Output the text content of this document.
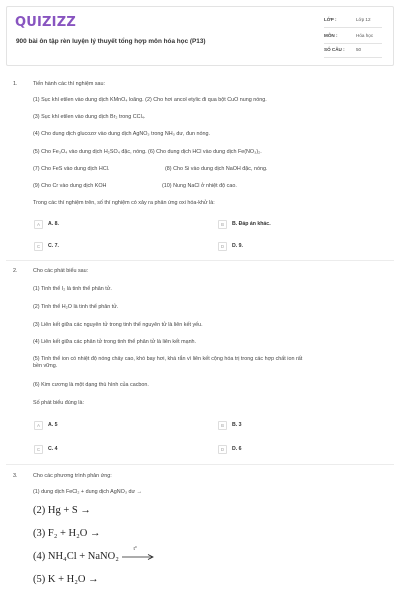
QUIZIZZ
900 bài ôn tập rèn luyện lý thuyết tổng hợp môn hóa học (P13)
LỚP :	Lớp 12
MÔN :	Hóa học
SỐ CÂU :	50
1.	Tiến hành các thí nghiệm sau:
(1) Sục khí etilen vào dung dịch KMnO₄ loãng. (2) Cho hơi ancol etylic đi qua bột CuO nung nóng.
(3) Sục khí etilen vào dung dịch Br₂ trong CCl₄.
(4) Cho dung dịch glucozơ vào dung dịch AgNO₃ trong NH₃ dư, đun nóng.
(5) Cho Fe₃O₄ vào dung dịch H₂SO₄ đặc, nóng. (6) Cho dung dịch HCl vào dung dịch Fe(NO₃)₂.
(7) Cho FeS vào dung dịch HCl.	(8) Cho Si vào dung dịch NaOH đặc, nóng.
(9) Cho Cr vào dung dịch KOH	(10) Nung NaCl ở nhiệt độ cao.
Trong các thí nghiệm trên, số thí nghiệm có xảy ra phản ứng oxi hóa-khử là:
A	A. 8.	B	B. Đáp án khác.
C	C. 7.	D	D. 9.
2.	Cho các phát biểu sau:
(1) Tinh thể I₂ là tinh thể phân tử.
(2) Tinh thể H₂O là tinh thể phân tử.
(3) Liên kết giữa các nguyên tử trong tinh thể nguyên tử là liên kết yếu.
(4) Liên kết giữa các phân tử trong tinh thể phân tử là liên kết mạnh.
(5) Tinh thể ion có nhiệt độ nóng chảy cao, khó bay hơi, khá rắn vì liên kết cộng hóa trị trong các hợp chất ion rất
bền vững.
(6) Kim cương là một dạng thù hình của cacbon.
Số phát biểu đúng là:
A	A. 5	B	B. 3
C	C. 4	D	D. 6
3.	Cho các phương trình phản ứng:
(1) dung dịch FeCl₂ + dung dịch AgNO₃ dư →
(2) Hg + S →
(3) F₂ + H₂O →
(4) NH₄Cl + NaNO₂
t°
(5) K + H₂O →
